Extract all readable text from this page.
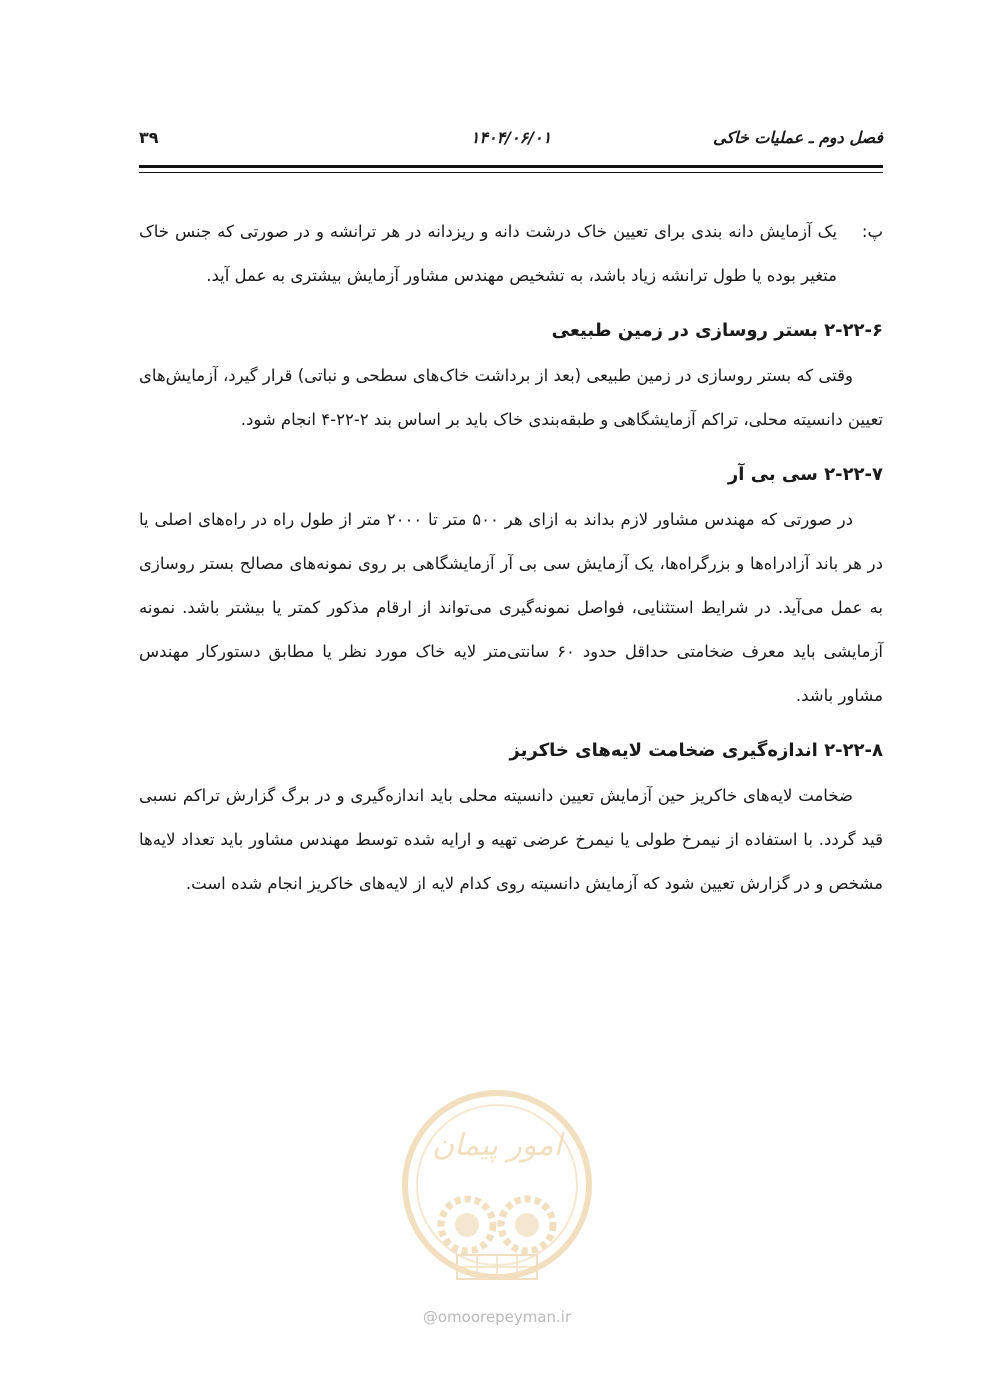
فصل دوم ـ عملیات خاکی
۱۴۰۴/۰۶/۰۱
۳۹

پ:
یک آزمایش دانه بندی برای تعیین خاک درشت دانه و ریزدانه در هر ترانشه و در صورتی که جنس خاک متغیر بوده یا طول ترانشه زیاد باشد، به تشخیص مهندس مشاور آزمایش بیشتری به عمل آید.

۲-۲۲-۶ بستر روسازی در زمین طبیعی

وقتی که بستر روسازی در زمین طبیعی (بعد از برداشت خاک‌های سطحی و نباتی) قرار گیرد، آزمایش‌های تعیین دانسیته محلی، تراکم آزمایشگاهی و طبقه‌بندی خاک باید بر اساس بند ۲-۲۲-۴ انجام شود.

۲-۲۲-۷ سی بی آر

در صورتی که مهندس مشاور لازم بداند به ازای هر ۵۰۰ متر تا ۲۰۰۰ متر از طول راه در راه‌های اصلی یا در هر باند آزادراه‌ها و بزرگراه‌ها، یک آزمایش سی بی آر آزمایشگاهی بر روی نمونه‌های مصالح بستر روسازی به عمل می‌آید. در شرایط استثنایی، فواصل نمونه‌گیری می‌تواند از ارقام مذکور کمتر یا بیشتر باشد. نمونه آزمایشی باید معرف ضخامتی حداقل حدود ۶۰ سانتی‌متر لایه خاک مورد نظر یا مطابق دستورکار مهندس مشاور باشد.

۲-۲۲-۸ اندازه‌گیری ضخامت لایه‌های خاکریز

ضخامت لایه‌های خاکریز حین آزمایش تعیین دانسیته محلی باید اندازه‌گیری و در برگ گزارش تراکم نسبی قید گردد. با استفاده از نیمرخ طولی یا نیمرخ عرضی تهیه و ارایه شده توسط مهندس مشاور باید تعداد لایه‌ها مشخص و در گزارش تعیین شود که آزمایش دانسیته روی کدام لایه از لایه‌های خاکریز انجام شده است.

امور پیمان
@omoorepeyman.ir
